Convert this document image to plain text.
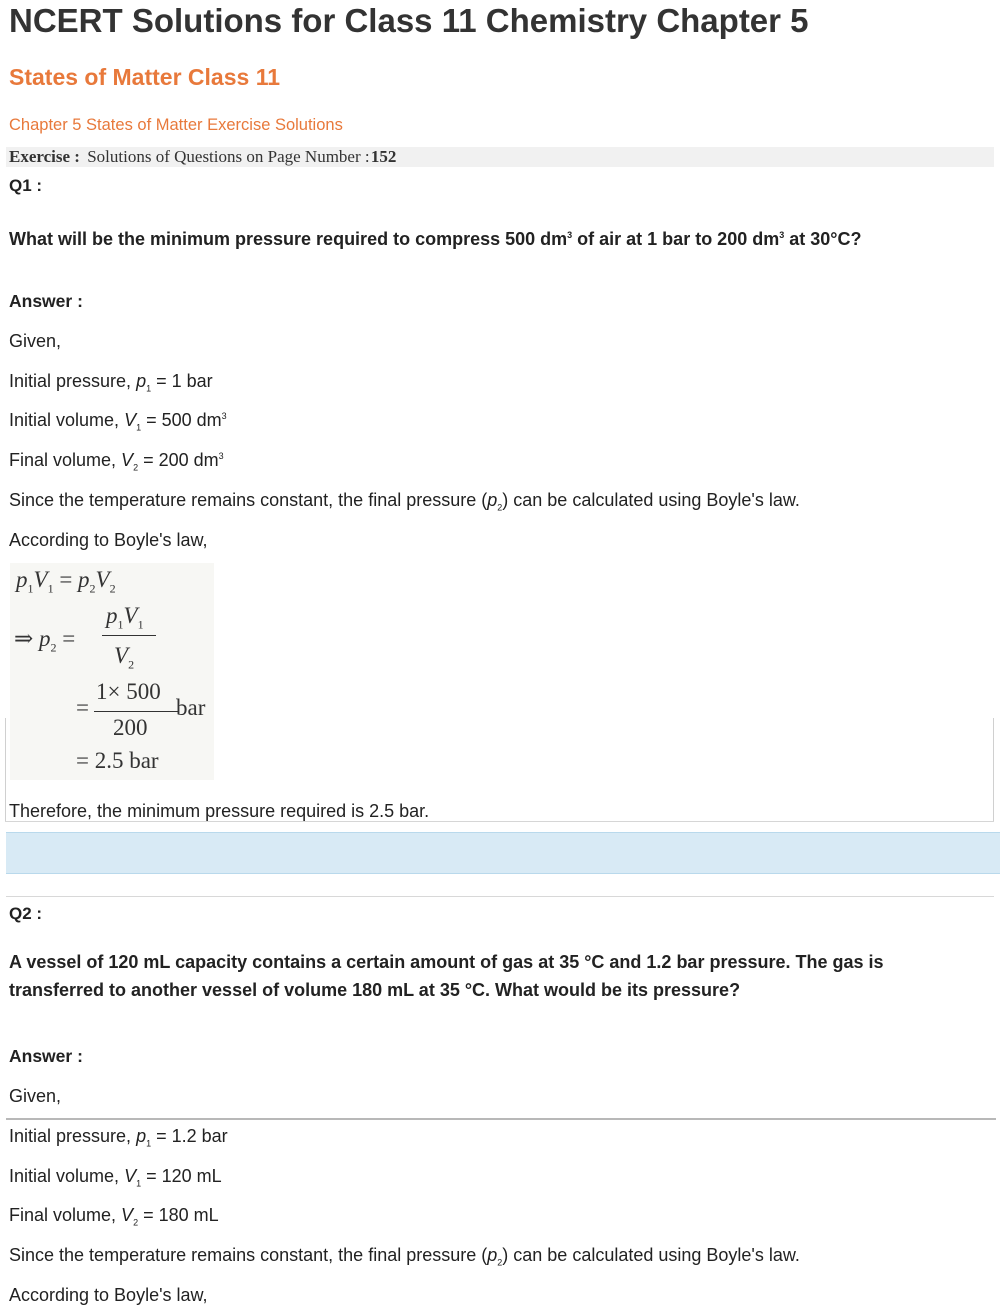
NCERT Solutions for Class 11 Chemistry Chapter 5
States of Matter Class 11
Chapter 5 States of Matter Exercise Solutions
Exercise : Solutions of Questions on Page Number : 152
Q1 :
What will be the minimum pressure required to compress 500 $dm^3$ of air at 1 bar to 200 $dm^3$ at 30°C?
Answer :
Given,
Initial pressure, $p_1 = 1$ bar
Initial volume, $V_1 = 500$ $dm^3$
Final volume, $V_2 = 200$ $dm^3$
Since the temperature remains constant, the final pressure $(p_2)$ can be calculated using Boyle's law.
According to Boyle's law,
$p_1V_1 = p_2V_2$
⇒ $p_2$ =
$p_1V_1$
$V_2$
=
1× 500
200
bar
= 2.5 bar
Therefore, the minimum pressure required is 2.5 bar.
Q2 :
A vessel of 120 mL capacity contains a certain amount of gas at 35 °C and 1.2 bar pressure. The gas is
transferred to another vessel of volume 180 mL at 35 °C. What would be its pressure?
Answer :
Given,
Initial pressure, $p_1 = 1.2$ bar
Initial volume, $V_1 = 120$ mL
Final volume, $V_2 = 180$ mL
Since the temperature remains constant, the final pressure $(p_2)$ can be calculated using Boyle's law.
According to Boyle's law,
